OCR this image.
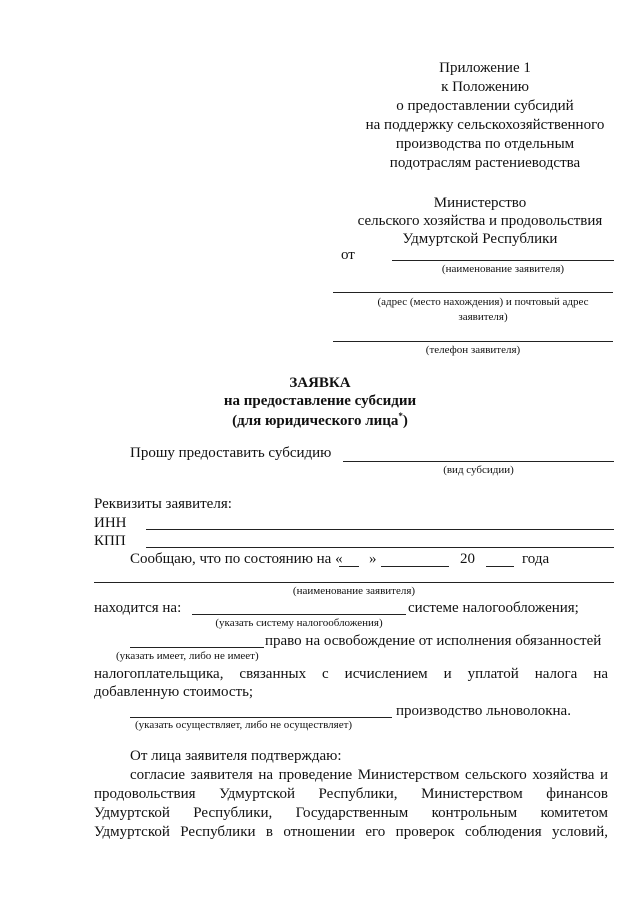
Приложение 1
к Положению
о предоставлении субсидий
на поддержку сельскохозяйственного
производства по отдельным
подотраслям растениеводства
Министерство
сельского хозяйства и продовольствия
Удмуртской Республики
от
(наименование заявителя)
(адрес (место нахождения) и почтовый адрес
заявителя)
(телефон заявителя)
ЗАЯВКА
на предоставление субсидии
(для юридического лица*)
Прошу предоставить субсидию
(вид субсидии)
Реквизиты заявителя:
ИНН
КПП
Сообщаю, что по состоянию на « »	20	года
(наименование заявителя)
находится на:	системе налогообложения;
(указать систему налогообложения)
право на освобождение от исполнения обязанностей
(указать имеет, либо не имеет)
налогоплательщика, связанных с исчислением и уплатой налога на
добавленную стоимость;
производство льноволокна.
(указать осуществляет, либо не осуществляет)
От лица заявителя подтверждаю:
согласие заявителя на проведение Министерством сельского хозяйства и
продовольствия Удмуртской Республики, Министерством финансов
Удмуртской Республики, Государственным контрольным комитетом
Удмуртской Республики в отношении его проверок соблюдения условий,
